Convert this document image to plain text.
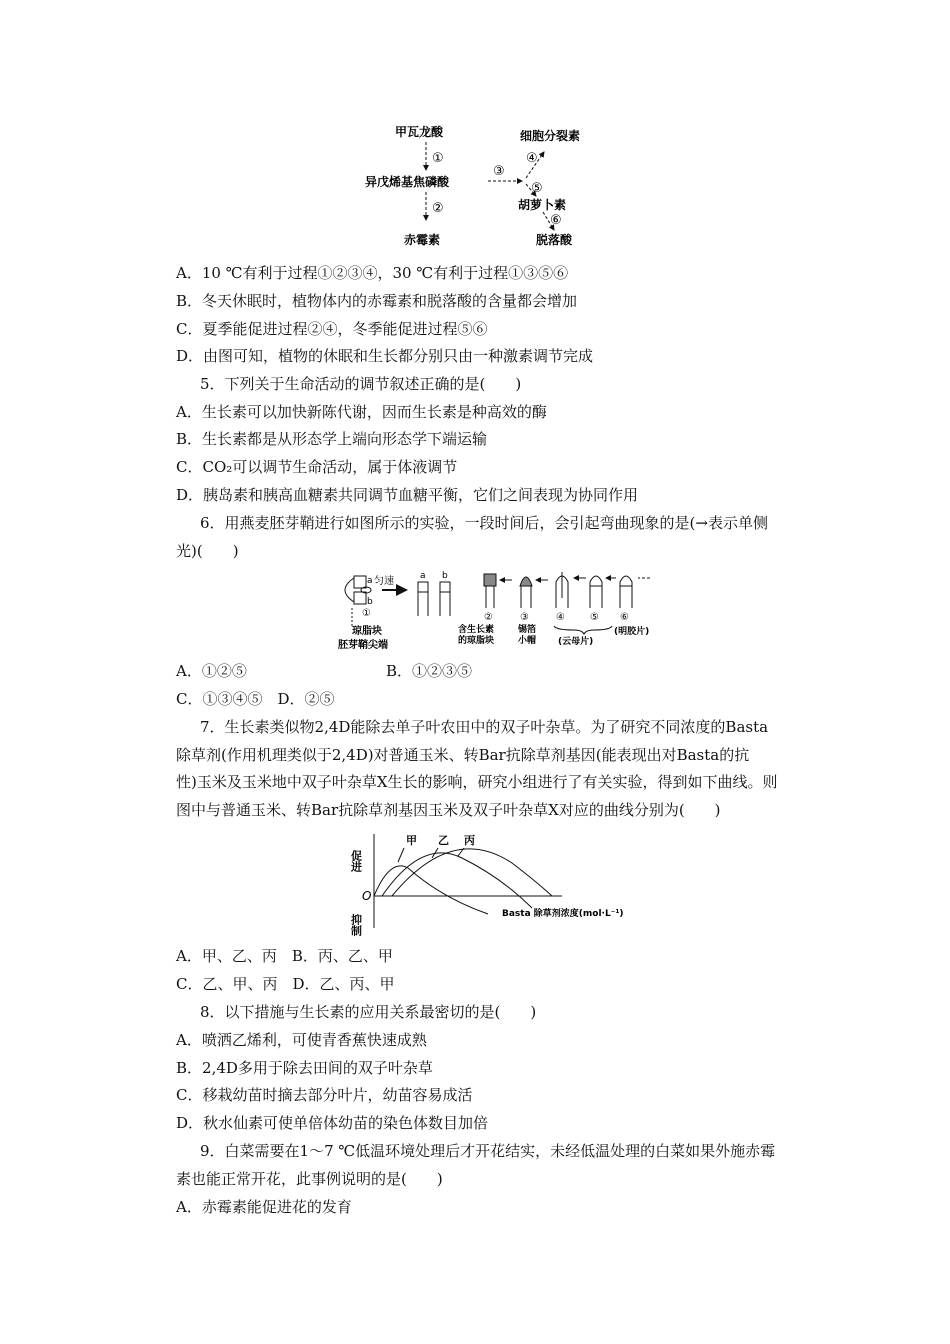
甲瓦龙酸
①
异戊烯基焦磷酸
②
赤霉素
③
细胞分裂素
④
⑤
胡萝卜素
⑥
脱落酸
A．10 ℃有利于过程①②③④，30 ℃有利于过程①③⑤⑥
B．冬天休眠时，植物体内的赤霉素和脱落酸的含量都会增加
C．夏季能促进过程②④，冬季能促进过程⑤⑥
D．由图可知，植物的休眠和生长都分别只由一种激素调节完成
5．下列关于生命活动的调节叙述正确的是(　　)
A．生长素可以加快新陈代谢，因而生长素是种高效的酶
B．生长素都是从形态学上端向形态学下端运输
C．CO₂可以调节生命活动，属于体液调节
D．胰岛素和胰高血糖素共同调节血糖平衡，它们之间表现为协同作用
6．用燕麦胚芽鞘进行如图所示的实验，一段时间后，会引起弯曲现象的是(→表示单侧
光)(　　)
a
b
匀速
①
琼脂块
胚芽鞘尖端
a b
②
含生长素
的琼脂块
③
锡箔
小帽
④	⑤ ⑥
(云母片)
(明胶片)
A．①②⑤	B．①②③⑤
C．①③④⑤　D．②⑤
7．生长素类似物2,4D能除去单子叶农田中的双子叶杂草。为了研究不同浓度的Basta
除草剂(作用机理类似于2,4D)对普通玉米、转Bar抗除草剂基因(能表现出对Basta的抗
性)玉米及玉米地中双子叶杂草X生长的影响，研究小组进行了有关实验，得到如下曲线。则
图中与普通玉米、转Bar抗除草剂基因玉米及双子叶杂草X对应的曲线分别为(　　)
促进
抑制
O
甲 乙 丙
Basta 除草剂浓度(mol·L⁻¹)
A．甲、乙、丙　B．丙、乙、甲
C．乙、甲、丙　D．乙、丙、甲
8．以下措施与生长素的应用关系最密切的是(　　)
A．喷洒乙烯利，可使青香蕉快速成熟
B．2,4D多用于除去田间的双子叶杂草
C．移栽幼苗时摘去部分叶片，幼苗容易成活
D．秋水仙素可使单倍体幼苗的染色体数目加倍
9．白菜需要在1～7 ℃低温环境处理后才开花结实，未经低温处理的白菜如果外施赤霉
素也能正常开花，此事例说明的是(　　)
A．赤霉素能促进花的发育
